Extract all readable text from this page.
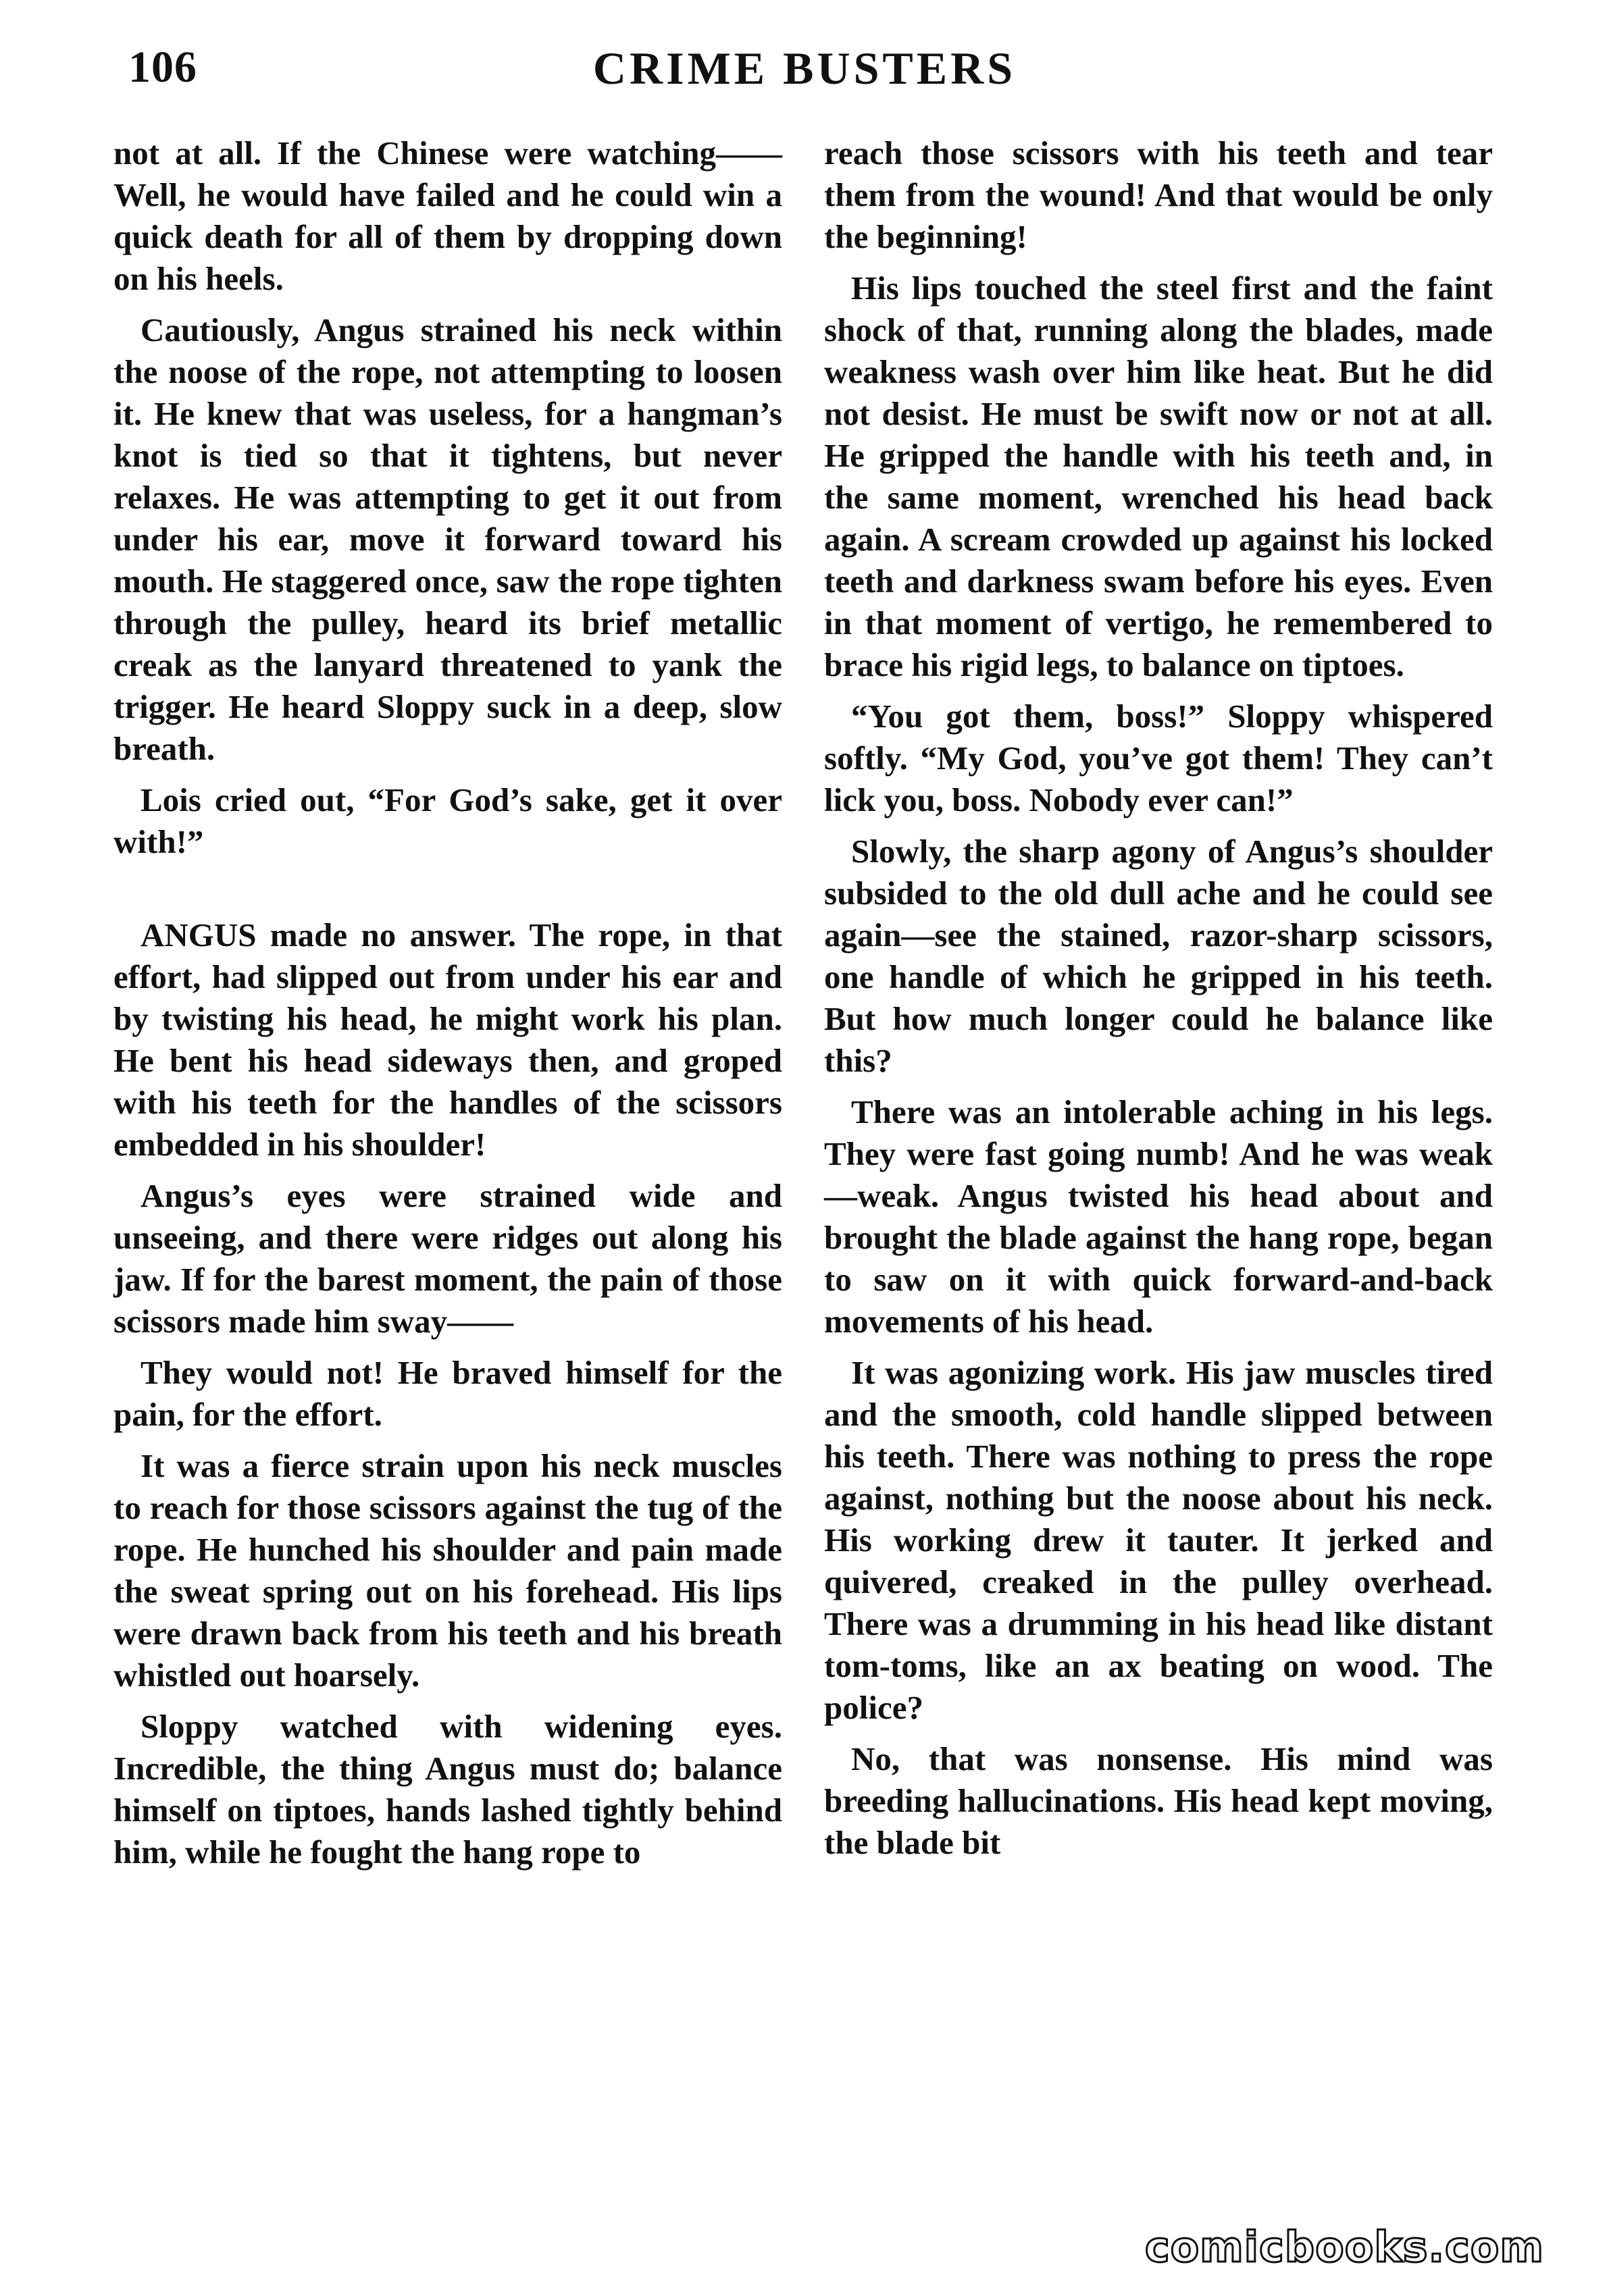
106	CRIME BUSTERS

not at all. If the Chinese were watching—— Well, he would have failed and he could win a quick death for all of them by dropping down on his heels.

Cautiously, Angus strained his neck within the noose of the rope, not attempting to loosen it. He knew that was useless, for a hangman’s knot is tied so that it tightens, but never relaxes. He was attempting to get it out from under his ear, move it forward toward his mouth. He staggered once, saw the rope tighten through the pulley, heard its brief metallic creak as the lanyard threatened to yank the trigger. He heard Sloppy suck in a deep, slow breath.

Lois cried out, “For God’s sake, get it over with!”

ANGUS made no answer. The rope, in that effort, had slipped out from under his ear and by twisting his head, he might work his plan. He bent his head sideways then, and groped with his teeth for the handles of the scissors embedded in his shoulder!

Angus’s eyes were strained wide and unseeing, and there were ridges out along his jaw. If for the barest moment, the pain of those scissors made him sway——

They would not! He braved himself for the pain, for the effort.

It was a fierce strain upon his neck muscles to reach for those scissors against the tug of the rope. He hunched his shoulder and pain made the sweat spring out on his forehead. His lips were drawn back from his teeth and his breath whistled out hoarsely.

Sloppy watched with widening eyes. Incredible, the thing Angus must do; balance himself on tiptoes, hands lashed tightly behind him, while he fought the hang rope to

reach those scissors with his teeth and tear them from the wound! And that would be only the beginning!

His lips touched the steel first and the faint shock of that, running along the blades, made weakness wash over him like heat. But he did not desist. He must be swift now or not at all. He gripped the handle with his teeth and, in the same moment, wrenched his head back again. A scream crowded up against his locked teeth and darkness swam before his eyes. Even in that moment of vertigo, he remembered to brace his rigid legs, to balance on tiptoes.

“You got them, boss!” Sloppy whispered softly. “My God, you’ve got them! They can’t lick you, boss. Nobody ever can!”

Slowly, the sharp agony of Angus’s shoulder subsided to the old dull ache and he could see again—see the stained, razor-sharp scissors, one handle of which he gripped in his teeth. But how much longer could he balance like this?

There was an intolerable aching in his legs. They were fast going numb! And he was weak—weak. Angus twisted his head about and brought the blade against the hang rope, began to saw on it with quick forward-and-back movements of his head.

It was agonizing work. His jaw muscles tired and the smooth, cold handle slipped between his teeth. There was nothing to press the rope against, nothing but the noose about his neck. His working drew it tauter. It jerked and quivered, creaked in the pulley overhead. There was a drumming in his head like distant tom-toms, like an ax beating on wood. The police?

No, that was nonsense. His mind was breeding hallucinations. His head kept moving, the blade bit

comicbooks.com
